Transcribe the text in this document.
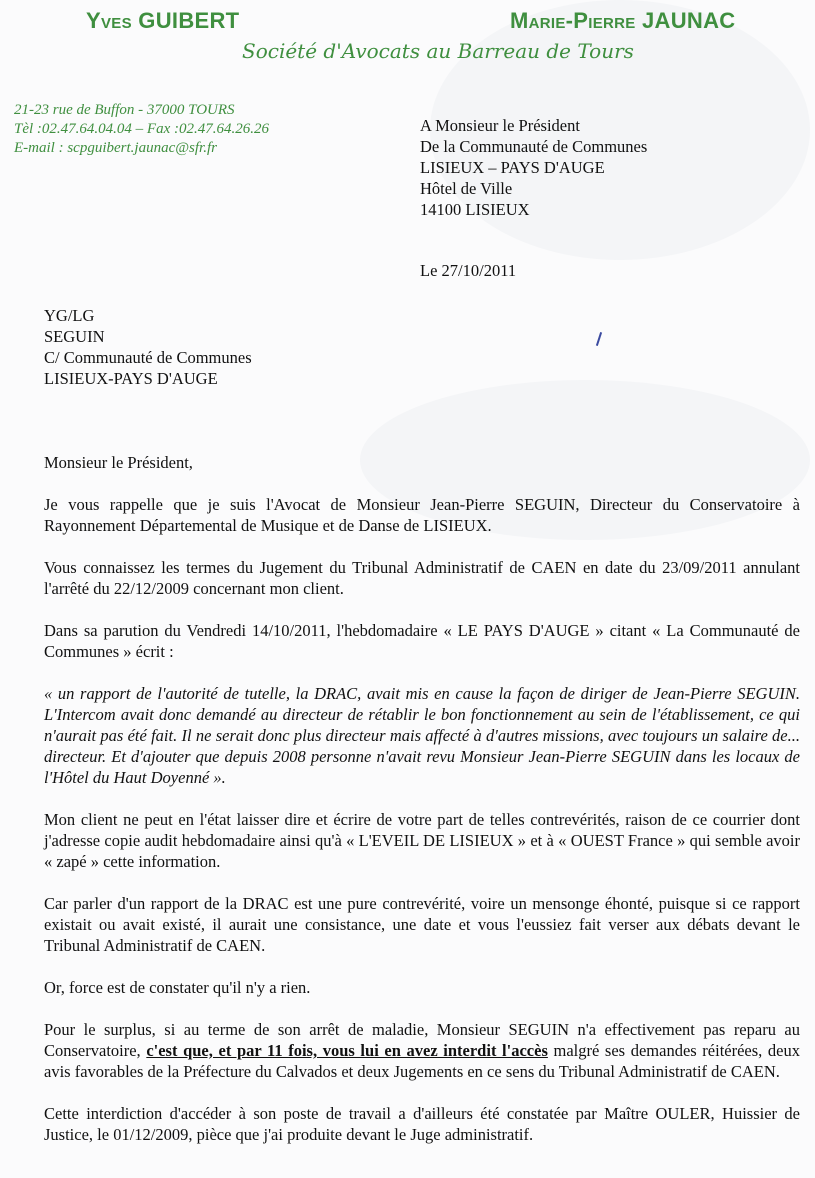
Yves GUIBERT	Marie-Pierre JAUNAC
Société d'Avocats au Barreau de Tours
21-23 rue de Buffon - 37000 TOURS
Tèl :02.47.64.04.04 – Fax :02.47.64.26.26
E-mail : scpguibert.jaunac@sfr.fr
A Monsieur le Président
De la Communauté de Communes
LISIEUX – PAYS D'AUGE
Hôtel de Ville
14100 LISIEUX
Le 27/10/2011
YG/LG
SEGUIN
C/ Communauté de Communes
LISIEUX-PAYS D'AUGE

Monsieur le Président,

Je vous rappelle que je suis l'Avocat de Monsieur Jean-Pierre SEGUIN, Directeur du Conservatoire à Rayonnement Départemental de Musique et de Danse de LISIEUX.

Vous connaissez les termes du Jugement du Tribunal Administratif de CAEN en date du 23/09/2011 annulant l'arrêté du 22/12/2009 concernant mon client.

Dans sa parution du Vendredi 14/10/2011, l'hebdomadaire « LE PAYS D'AUGE » citant « La Communauté de Communes » écrit :

« un rapport de l'autorité de tutelle, la DRAC, avait mis en cause la façon de diriger de Jean-Pierre SEGUIN. L'Intercom avait donc demandé au directeur de rétablir le bon fonctionnement au sein de l'établissement, ce qui n'aurait pas été fait. Il ne serait donc plus directeur mais affecté à d'autres missions, avec toujours un salaire de... directeur. Et d'ajouter que depuis 2008 personne n'avait revu Monsieur Jean-Pierre SEGUIN dans les locaux de l'Hôtel du Haut Doyenné ».

Mon client ne peut en l'état laisser dire et écrire de votre part de telles contrevérités, raison de ce courrier dont j'adresse copie audit hebdomadaire ainsi qu'à « L'EVEIL DE LISIEUX » et à « OUEST France » qui semble avoir « zapé » cette information.

Car parler d'un rapport de la DRAC est une pure contrevérité, voire un mensonge éhonté, puisque si ce rapport existait ou avait existé, il aurait une consistance, une date et vous l'eussiez fait verser aux débats devant le Tribunal Administratif de CAEN.

Or, force est de constater qu'il n'y a rien.

Pour le surplus, si au terme de son arrêt de maladie, Monsieur SEGUIN n'a effectivement pas reparu au Conservatoire, c'est que, et par 11 fois, vous lui en avez interdit l'accès malgré ses demandes réitérées, deux avis favorables de la Préfecture du Calvados et deux Jugements en ce sens du Tribunal Administratif de CAEN.

Cette interdiction d'accéder à son poste de travail a d'ailleurs été constatée par Maître OULER, Huissier de Justice, le 01/12/2009, pièce que j'ai produite devant le Juge administratif.
